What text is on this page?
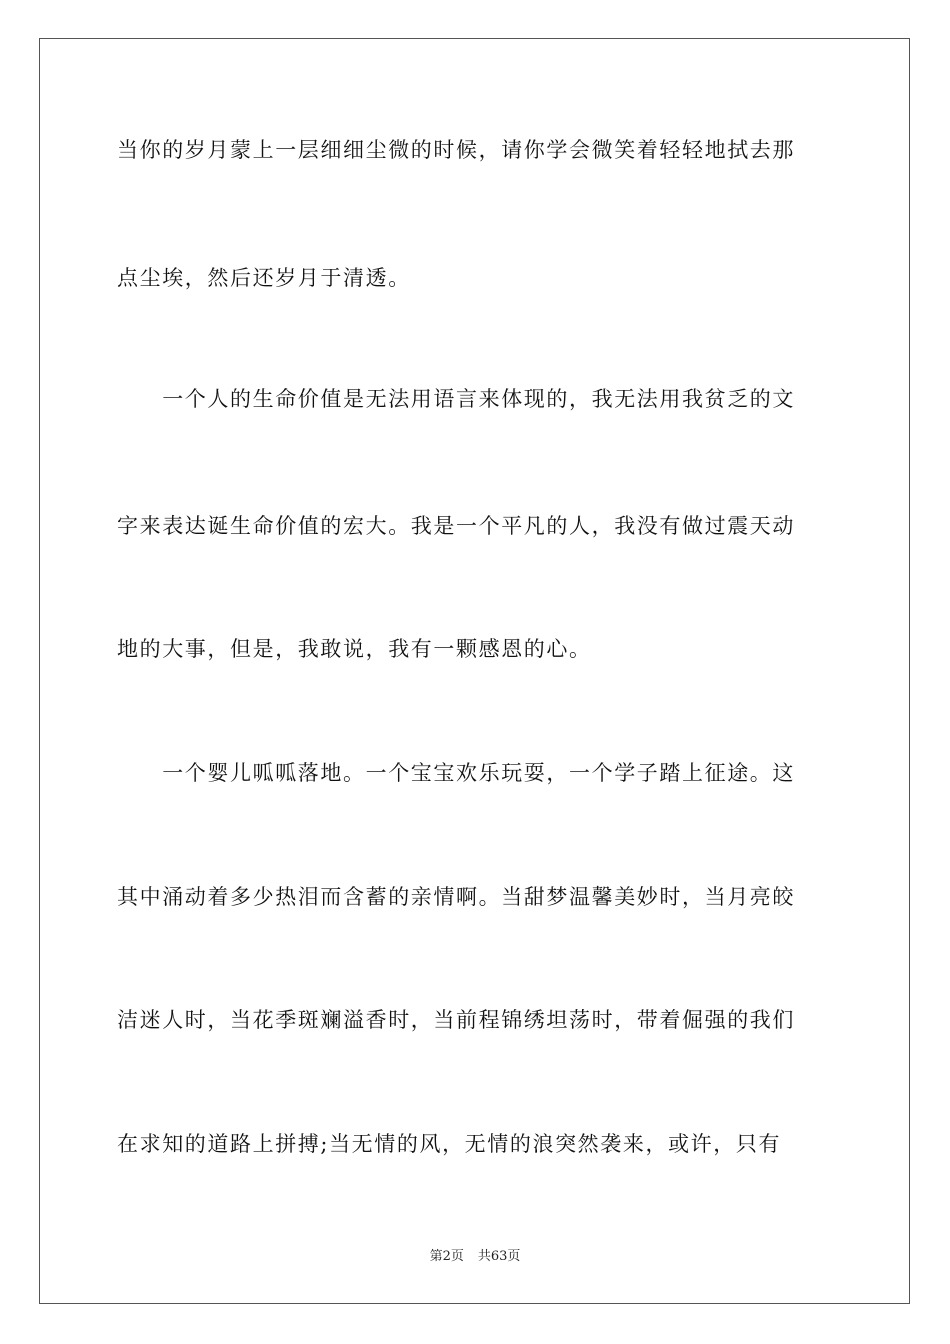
当你的岁月蒙上一层细细尘微的时候，请你学会微笑着轻轻地拭去那
点尘埃，然后还岁月于清透。
　　一个人的生命价值是无法用语言来体现的，我无法用我贫乏的文
字来表达诞生命价值的宏大。我是一个平凡的人，我没有做过震天动
地的大事，但是，我敢说，我有一颗感恩的心。
　　一个婴儿呱呱落地。一个宝宝欢乐玩耍，一个学子踏上征途。这
其中涌动着多少热泪而含蓄的亲情啊。当甜梦温馨美妙时，当月亮皎
洁迷人时，当花季斑斓溢香时，当前程锦绣坦荡时，带着倔强的我们
在求知的道路上拼搏;当无情的风，无情的浪突然袭来，或许，只有
第2页 共63页
